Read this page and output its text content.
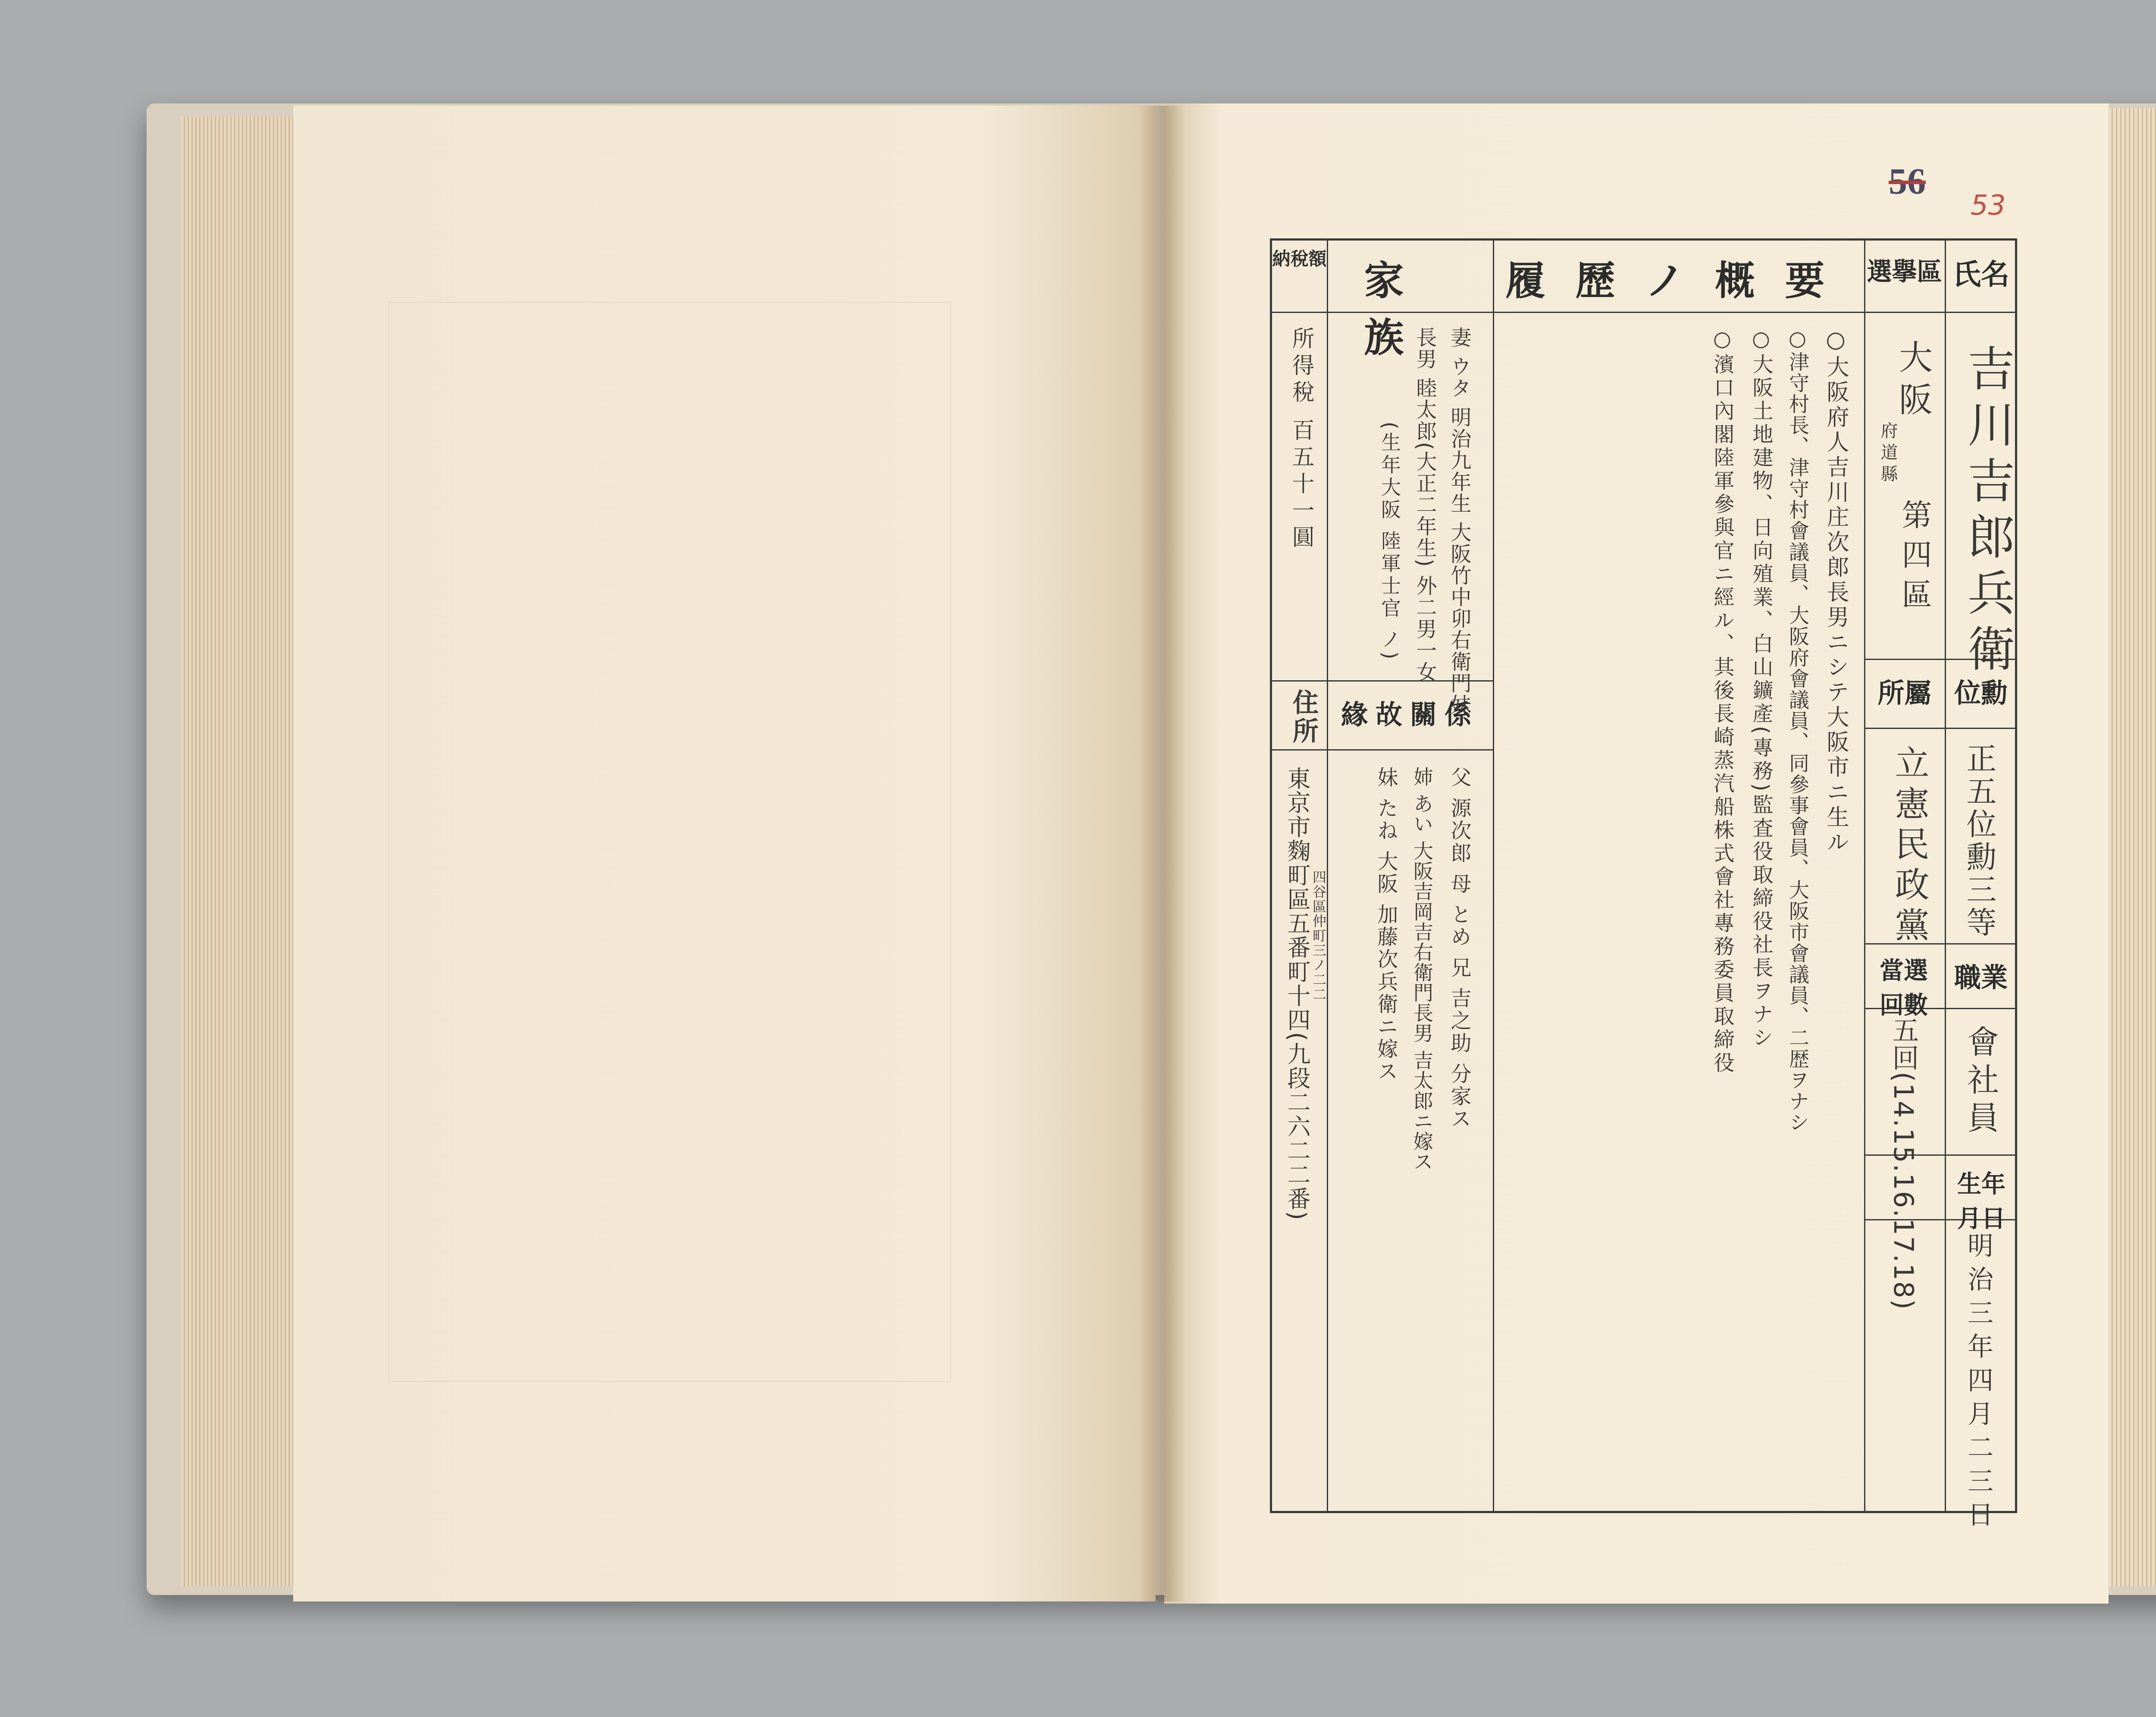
56
53
氏名
選擧區
履歷ノ概要
家族
納稅額
位勳
所屬
職業
當選回數
生年月日
緣故關係
住所
吉川吉郎兵衛
大阪
府道縣
第四區
正五位勳三等
立憲民政黨
會社員
五回(14.15.16.17.18)
明治三年四月二三日
○大阪府人吉川庄次郎長男ニシテ大阪市ニ生ル
○津守村長、津守村會議員、大阪府會議員、同參事會員、大阪市會議員、二歴ヲナシ
○大阪土地建物、日向殖業、白山鑛產(專務)監査役取締役社長ヲナシ
○濱口內閣陸軍參與官ニ經ル、其後長崎蒸汽船株式會社專務委員取締役
妻 ウタ 明治九年生 大阪竹中卯右衛門妹
長男 睦太郎(大正二年生) 外二男一女
(生年大阪 陸軍士官 ノ)
父 源次郎 母 とめ 兄 吉之助 分家ス
姉 あい 大阪吉岡吉右衛門長男 吉太郎ニ嫁ス
妹 たね 大阪 加藤次兵衛ニ嫁ス
所得稅 百五十一圓
東京市麴町區五番町十四(九段二六二二番) 四谷區仲町三ノ二二
